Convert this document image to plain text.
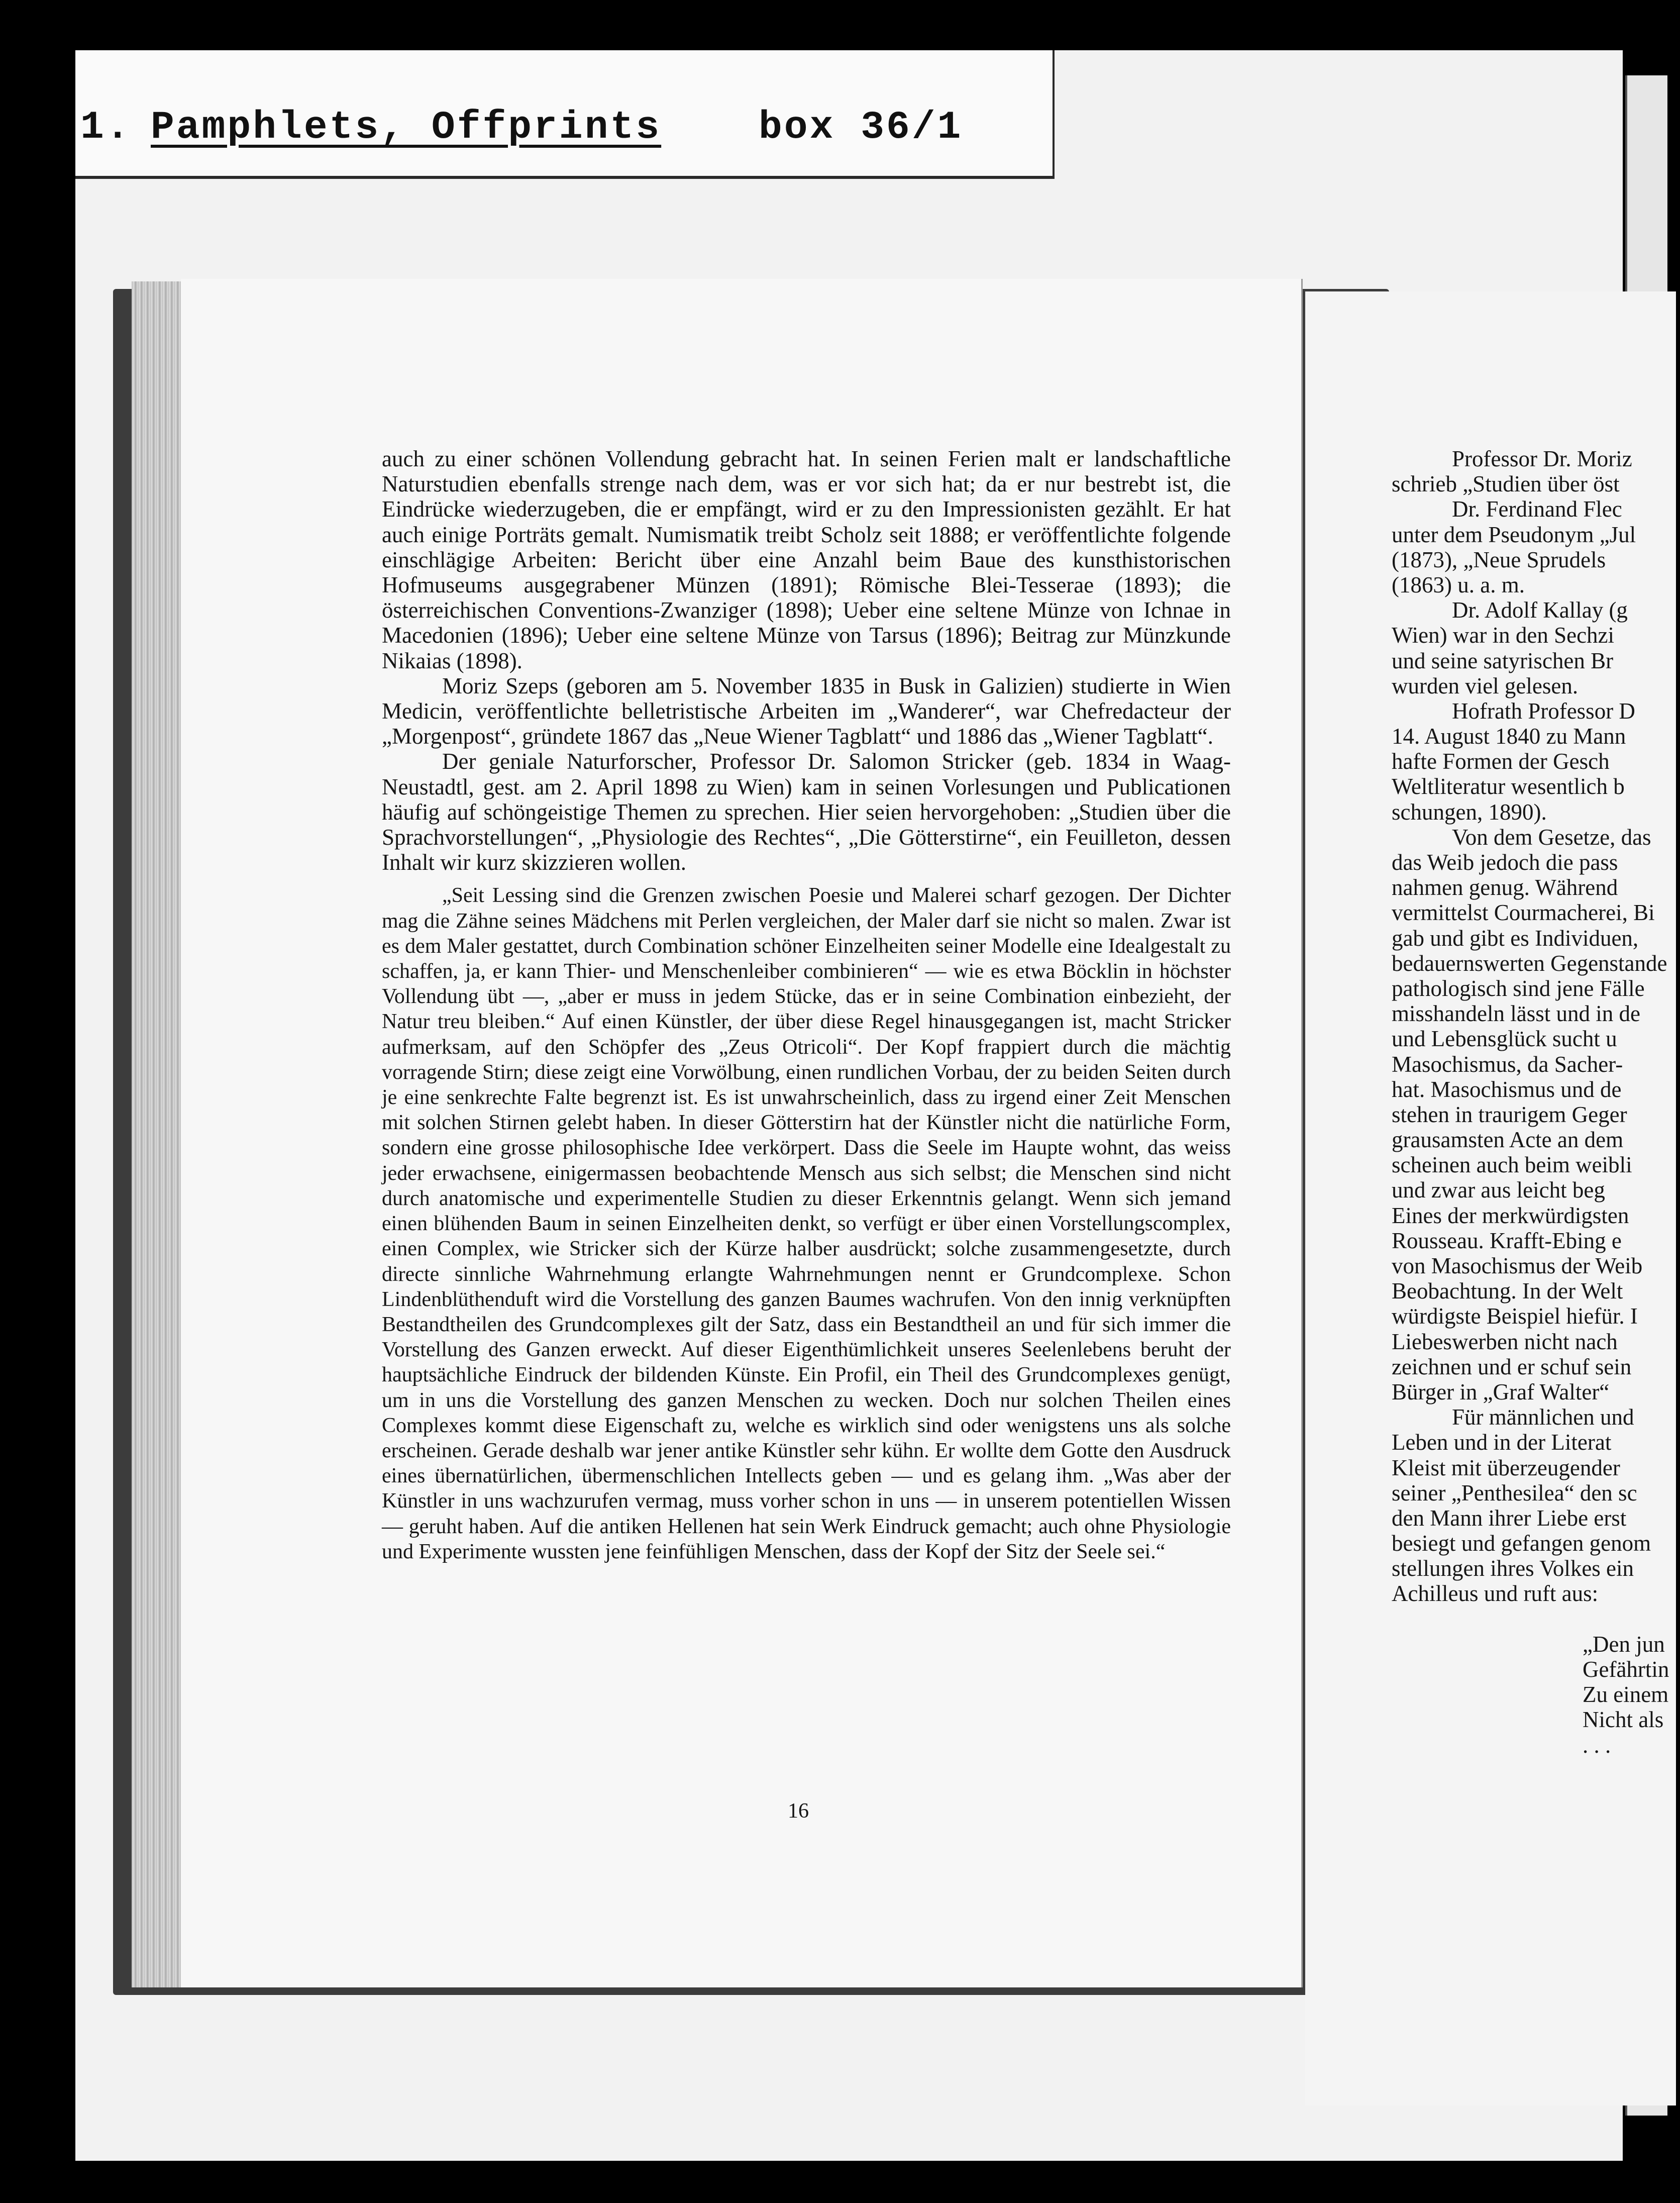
1. Pamphlets, Offprints box 36/1

auch zu einer schönen Vollendung gebracht hat. In seinen Ferien malt er landschaftliche Naturstudien ebenfalls strenge nach dem, was er vor sich hat; da er nur bestrebt ist, die Eindrücke wiederzugeben, die er empfängt, wird er zu den Impressionisten gezählt. Er hat auch einige Porträts gemalt. Numismatik treibt Scholz seit 1888; er veröffentlichte folgende einschlägige Arbeiten: Bericht über eine Anzahl beim Baue des kunsthistorischen Hofmuseums ausgegrabener Münzen (1891); Römische Blei-Tesserae (1893); die österreichischen Conventions-Zwanziger (1898); Ueber eine seltene Münze von Ichnae in Macedonien (1896); Ueber eine seltene Münze von Tarsus (1896); Beitrag zur Münzkunde Nikaias (1898).

Moriz Szeps (geboren am 5. November 1835 in Busk in Galizien) studierte in Wien Medicin, veröffentlichte belletristische Arbeiten im „Wanderer“, war Chefredacteur der „Morgenpost“, gründete 1867 das „Neue Wiener Tagblatt“ und 1886 das „Wiener Tagblatt“.

Der geniale Naturforscher, Professor Dr. Salomon Stricker (geb. 1834 in Waag-Neustadtl, gest. am 2. April 1898 zu Wien) kam in seinen Vorlesungen und Publicationen häufig auf schöngeistige Themen zu sprechen. Hier seien hervorgehoben: „Studien über die Sprachvorstellungen“, „Physiologie des Rechtes“, „Die Götterstirne“, ein Feuilleton, dessen Inhalt wir kurz skizzieren wollen.

„Seit Lessing sind die Grenzen zwischen Poesie und Malerei scharf gezogen. Der Dichter mag die Zähne seines Mädchens mit Perlen vergleichen, der Maler darf sie nicht so malen. Zwar ist es dem Maler gestattet, durch Combination schöner Einzelheiten seiner Modelle eine Idealgestalt zu schaffen, ja, er kann Thier- und Menschenleiber combinieren“ — wie es etwa Böcklin in höchster Vollendung übt —, „aber er muss in jedem Stücke, das er in seine Combination einbezieht, der Natur treu bleiben.“ Auf einen Künstler, der über diese Regel hinausgegangen ist, macht Stricker aufmerksam, auf den Schöpfer des „Zeus Otricoli“. Der Kopf frappiert durch die mächtig vorragende Stirn; diese zeigt eine Vorwölbung, einen rundlichen Vorbau, der zu beiden Seiten durch je eine senkrechte Falte begrenzt ist. Es ist unwahrscheinlich, dass zu irgend einer Zeit Menschen mit solchen Stirnen gelebt haben. In dieser Götterstirn hat der Künstler nicht die natürliche Form, sondern eine grosse philosophische Idee verkörpert. Dass die Seele im Haupte wohnt, das weiss jeder erwachsene, einigermassen beobachtende Mensch aus sich selbst; die Menschen sind nicht durch anatomische und experimentelle Studien zu dieser Erkenntnis gelangt. Wenn sich jemand einen blühenden Baum in seinen Einzelheiten denkt, so verfügt er über einen Vorstellungscomplex, einen Complex, wie Stricker sich der Kürze halber ausdrückt; solche zusammengesetzte, durch directe sinnliche Wahrnehmung erlangte Wahrnehmungen nennt er Grundcomplexe. Schon Lindenblüthenduft wird die Vorstellung des ganzen Baumes wachrufen. Von den innig verknüpften Bestandtheilen des Grundcomplexes gilt der Satz, dass ein Bestandtheil an und für sich immer die Vorstellung des Ganzen erweckt. Auf dieser Eigenthümlichkeit unseres Seelenlebens beruht der hauptsächliche Eindruck der bildenden Künste. Ein Profil, ein Theil des Grundcomplexes genügt, um in uns die Vorstellung des ganzen Menschen zu wecken. Doch nur solchen Theilen eines Complexes kommt diese Eigenschaft zu, welche es wirklich sind oder wenigstens uns als solche erscheinen. Gerade deshalb war jener antike Künstler sehr kühn. Er wollte dem Gotte den Ausdruck eines übernatürlichen, übermenschlichen Intellects geben — und es gelang ihm. „Was aber der Künstler in uns wachzurufen vermag, muss vorher schon in uns — in unserem potentiellen Wissen — geruht haben. Auf die antiken Hellenen hat sein Werk Eindruck gemacht; auch ohne Physiologie und Experimente wussten jene feinfühligen Menschen, dass der Kopf der Sitz der Seele sei.“

16
Professor Dr. Moriz
schrieb „Studien über öst
Dr. Ferdinand Flec
unter dem Pseudonym „Jul
(1873), „Neue Sprudels
(1863) u. a. m.
Dr. Adolf Kallay (g
Wien) war in den Sechzi
und seine satyrischen Br
wurden viel gelesen.
Hofrath Professor D
14. August 1840 zu Mann
hafte Formen der Gesch
Weltliteratur wesentlich b
schungen, 1890).
Von dem Gesetze, das
das Weib jedoch die pass
nahmen genug. Während
vermittelst Courmacherei, Bi
gab und gibt es Individuen,
bedauernswerten Gegenstande
pathologisch sind jene Fälle
misshandeln lässt und in de
und Lebensglück sucht u
Masochismus, da Sacher-
hat. Masochismus und de
stehen in traurigem Geger
grausamsten Acte an dem
scheinen auch beim weibli
und zwar aus leicht beg
Eines der merkwürdigsten
Rousseau. Krafft-Ebing e
von Masochismus der Weib
Beobachtung. In der Welt
würdigste Beispiel hiefür. I
Liebeswerben nicht nach
zeichnen und er schuf sein
Bürger in „Graf Walter“
Für männlichen und
Leben und in der Literat
Kleist mit überzeugender
seiner „Penthesilea“ den sc
den Mann ihrer Liebe erst
besiegt und gefangen genom
stellungen ihres Volkes ein
Achilleus und ruft aus:
„Den jun
Gefährtin
Zu einem
Nicht als
. . .
